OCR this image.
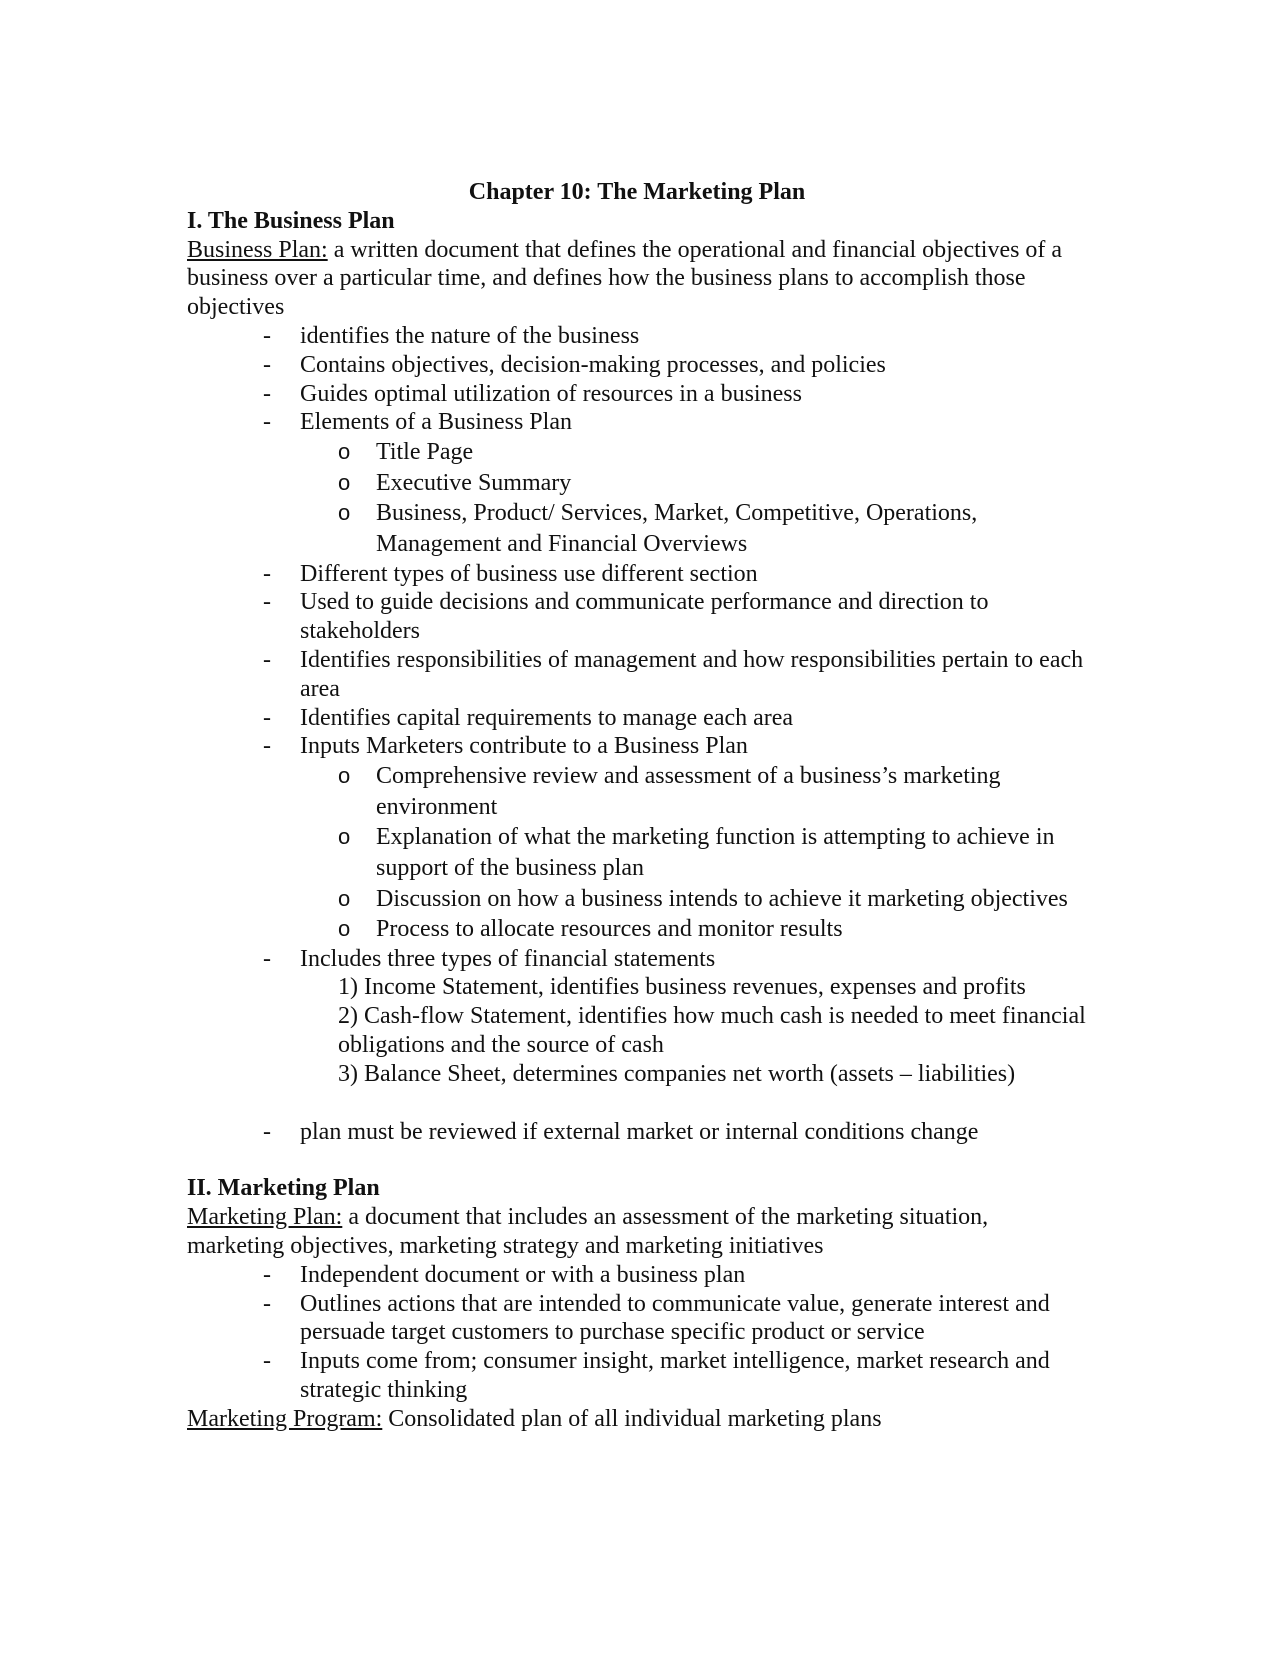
Chapter 10: The Marketing Plan

I. The Business Plan

Business Plan: a written document that defines the operational and financial objectives of a business over a particular time, and defines how the business plans to accomplish those objectives

- identifies the nature of the business
- Contains objectives, decision-making processes, and policies
- Guides optimal utilization of resources in a business
- Elements of a Business Plan
o Title Page
o Executive Summary
o Business, Product/ Services, Market, Competitive, Operations, Management and Financial Overviews
- Different types of business use different section
- Used to guide decisions and communicate performance and direction to stakeholders
- Identifies responsibilities of management and how responsibilities pertain to each area
- Identifies capital requirements to manage each area
- Inputs Marketers contribute to a Business Plan
o Comprehensive review and assessment of a business’s marketing environment
o Explanation of what the marketing function is attempting to achieve in support of the business plan
o Discussion on how a business intends to achieve it marketing objectives
o Process to allocate resources and monitor results
- Includes three types of financial statements
1) Income Statement, identifies business revenues, expenses and profits
2) Cash-flow Statement, identifies how much cash is needed to meet financial obligations and the source of cash
3) Balance Sheet, determines companies net worth (assets – liabilities)
- plan must be reviewed if external market or internal conditions change

II. Marketing Plan

Marketing Plan: a document that includes an assessment of the marketing situation, marketing objectives, marketing strategy and marketing initiatives

- Independent document or with a business plan
- Outlines actions that are intended to communicate value, generate interest and persuade target customers to purchase specific product or service
- Inputs come from; consumer insight, market intelligence, market research and strategic thinking

Marketing Program: Consolidated plan of all individual marketing plans
